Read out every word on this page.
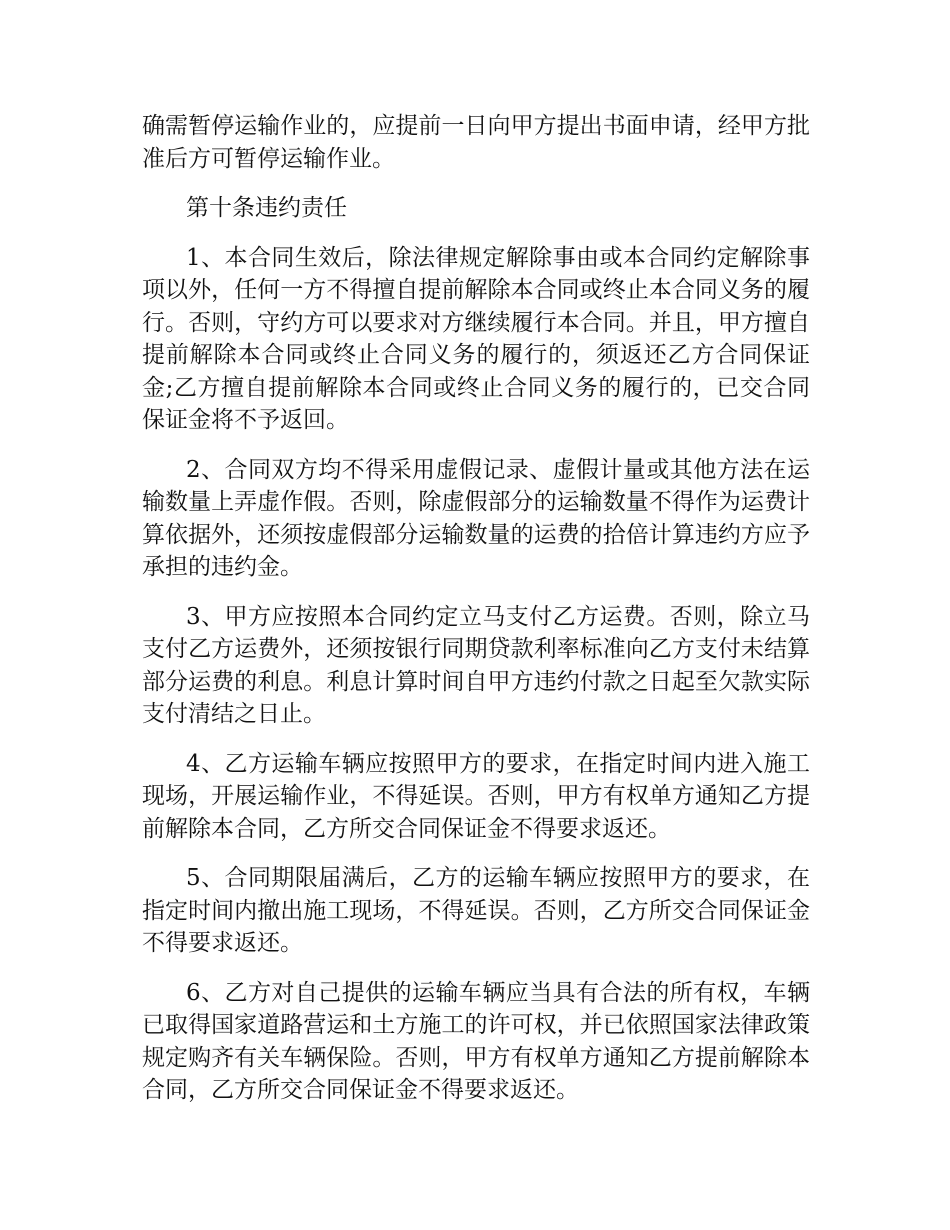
确需暂停运输作业的，应提前一日向甲方提出书面申请，经甲方批准后方可暂停运输作业。

第十条违约责任

1、本合同生效后，除法律规定解除事由或本合同约定解除事项以外，任何一方不得擅自提前解除本合同或终止本合同义务的履行。否则，守约方可以要求对方继续履行本合同。并且，甲方擅自提前解除本合同或终止合同义务的履行的，须返还乙方合同保证金;乙方擅自提前解除本合同或终止合同义务的履行的，已交合同保证金将不予返回。

2、合同双方均不得采用虚假记录、虚假计量或其他方法在运输数量上弄虚作假。否则，除虚假部分的运输数量不得作为运费计算依据外，还须按虚假部分运输数量的运费的拾倍计算违约方应予承担的违约金。

3、甲方应按照本合同约定立马支付乙方运费。否则，除立马支付乙方运费外，还须按银行同期贷款利率标准向乙方支付未结算部分运费的利息。利息计算时间自甲方违约付款之日起至欠款实际支付清结之日止。

4、乙方运输车辆应按照甲方的要求，在指定时间内进入施工现场，开展运输作业，不得延误。否则，甲方有权单方通知乙方提前解除本合同，乙方所交合同保证金不得要求返还。

5、合同期限届满后，乙方的运输车辆应按照甲方的要求，在指定时间内撤出施工现场，不得延误。否则，乙方所交合同保证金不得要求返还。

6、乙方对自己提供的运输车辆应当具有合法的所有权，车辆已取得国家道路营运和土方施工的许可权，并已依照国家法律政策规定购齐有关车辆保险。否则，甲方有权单方通知乙方提前解除本合同，乙方所交合同保证金不得要求返还。
